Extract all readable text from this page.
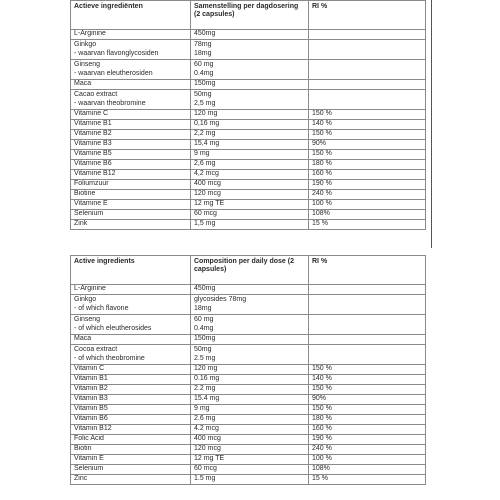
Actieve ingrediënten	Samenstelling per dagdosering (2 capsules)	RI %

L-Arginine	450mg	

Ginkgo
- waarvan flavonglycosiden	78mg
18mg	

Ginseng
- waarvan eleutherosiden	60 mg
0.4mg	

Maca	150mg	

Cacao extract
- waarvan theobromine	50mg
2,5 mg	

Vitamine C	120 mg	150 %

Vitamine B1	0,16 mg	140 %

Vitamine B2	2,2 mg	150 %

Vitamine B3	15,4 mg	90%

Vitamine B5	9 mg	150 %

Vitamine B6	2,6 mg	180 %

Vitamine B12	4,2 mcg	160 %

Foliumzuur	400 mcg	190 %

Biotine	120 mcg	240 %

Vitamine E	12 mg TE	100 %

Selenium	60 mcg	108%

Zink	1,5 mg	15 %
Active ingredients	Composition per daily dose (2 capsules)	RI %

L-Arginine	450mg	

Ginkgo
- of which flavone	glycosides 78mg
18mg	

Ginseng
- of which eleutherosides	60 mg
0.4mg	

Maca	150mg	

Cocoa extract
- of which theobromine	50mg
2.5 mg	

Vitamin C	120 mg	150 %

Vitamin B1	0.16 mg	140 %

Vitamin B2	2.2 mg	150 %

Vitamin B3	15.4 mg	90%

Vitamin B5	9 mg	150 %

Vitamin B6	2.6 mg	180 %

Vitamin B12	4.2 mcg	160 %

Folic Acid	400 mcg	190 %

Biotin	120 mcg	240 %

Vitamin E	12 mg TE	100 %

Selenium	60 mcg	108%

Zinc	1.5 mg	15 %
